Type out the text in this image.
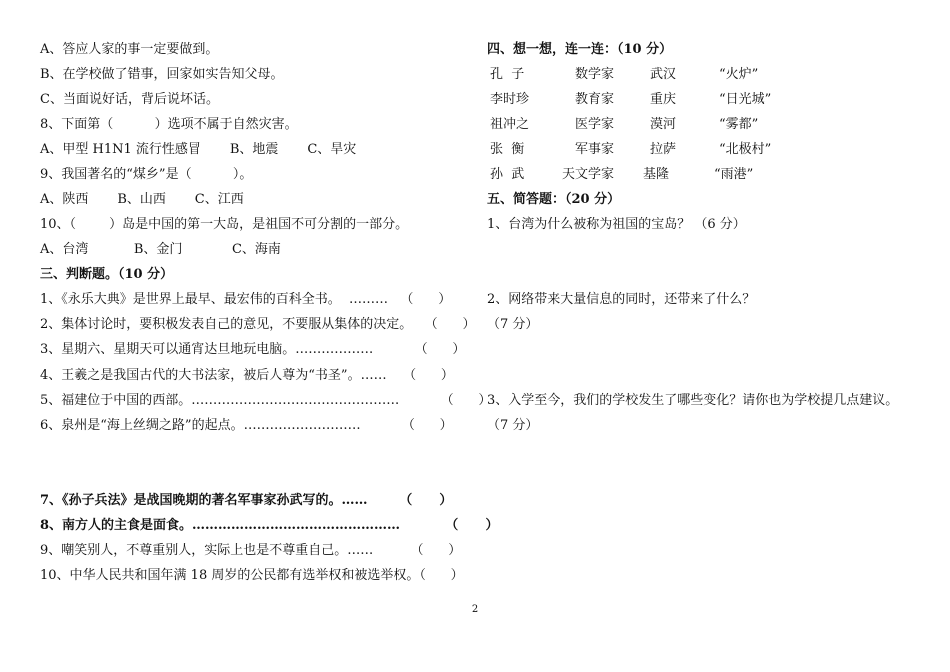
A、答应人家的事一定要做到。
B、在学校做了错事，回家如实告知父母。
C、当面说好话，背后说坏话。
8、下面第（          ）选项不属于自然灾害。
A、甲型 H1N1 流行性感冒       B、地震       C、旱灾
9、我国著名的“煤乡”是（          ）。
A、陕西       B、山西       C、江西
10、（        ）岛是中国的第一大岛，是祖国不可分割的一部分。
A、台湾           B、金门            C、海南
三、判断题。（10 分）
1、《永乐大典》是世界上最早、最宏伟的百科全书。  ………   （      ）
2、集体讨论时，要积极发表自己的意见，不要服从集体的决定。   （      ）
3、星期六、星期天可以通宵达旦地玩电脑。………………          （      ）
4、王羲之是我国古代的大书法家，被后人尊为“书圣”。……    （      ）
5、福建位于中国的西部。…………………………………………          （      ）
6、泉州是“海上丝绸之路”的起点。………………………          （      ）
7、《孙子兵法》是战国晚期的著名军事家孙武写的。……       （      ）
8、南方人的主食是面食。…………………………………………          （      ）
9、嘲笑别人，不尊重别人，实际上也是不尊重自己。……         （      ）
10、中华人民共和国年满 18 周岁的公民都有选举权和被选举权。（      ）
四、想一想，连一连：（10 分）
孔  子	数学家	武汉	“火炉”
李时珍	教育家	重庆	“日光城”
祖冲之	医学家	漠河	“雾都”
张  衡	军事家	拉萨	“北极村”
孙  武	天文学家 基隆	“雨港”
五、简答题：（20 分）
1、台湾为什么被称为祖国的宝岛？ （6 分）
2、网络带来大量信息的同时，还带来了什么？
（7 分）
3、入学至今，我们的学校发生了哪些变化？请你也为学校提几点建议。
（7 分）
2
